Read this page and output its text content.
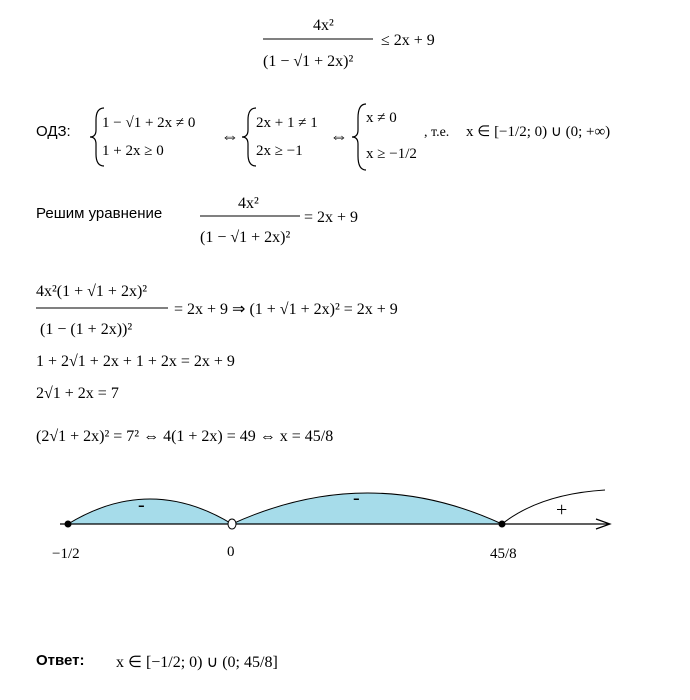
4x²
(1 − √1 + 2x)²
≤ 2x + 9
ОДЗ: 1 − √1 + 2x ≠ 0
1 + 2x ≥ 0
⇔
2x + 1 ≠ 1
2x ≥ −1
⇔
x ≠ 0
x ≥ −1/2
, т.е. x ∈ [−1/2; 0) ∪ (0; +∞)
Решим уравнение
4x²
(1 − √1 + 2x)²
= 2x + 9
4x²(1 + √1 + 2x)²
(1 − (1 + 2x))²
= 2x + 9 ⇒ (1 + √1 + 2x)² = 2x + 9
1 + 2√1 + 2x + 1 + 2x = 2x + 9
2√1 + 2x = 7
(2√1 + 2x)² = 7² ⇔ 4(1 + 2x) = 49 ⇔ x = 45/8
-	-
+
−1/2	0	45/8
Ответ: x ∈ [−1/2; 0) ∪ (0; 45/8]
